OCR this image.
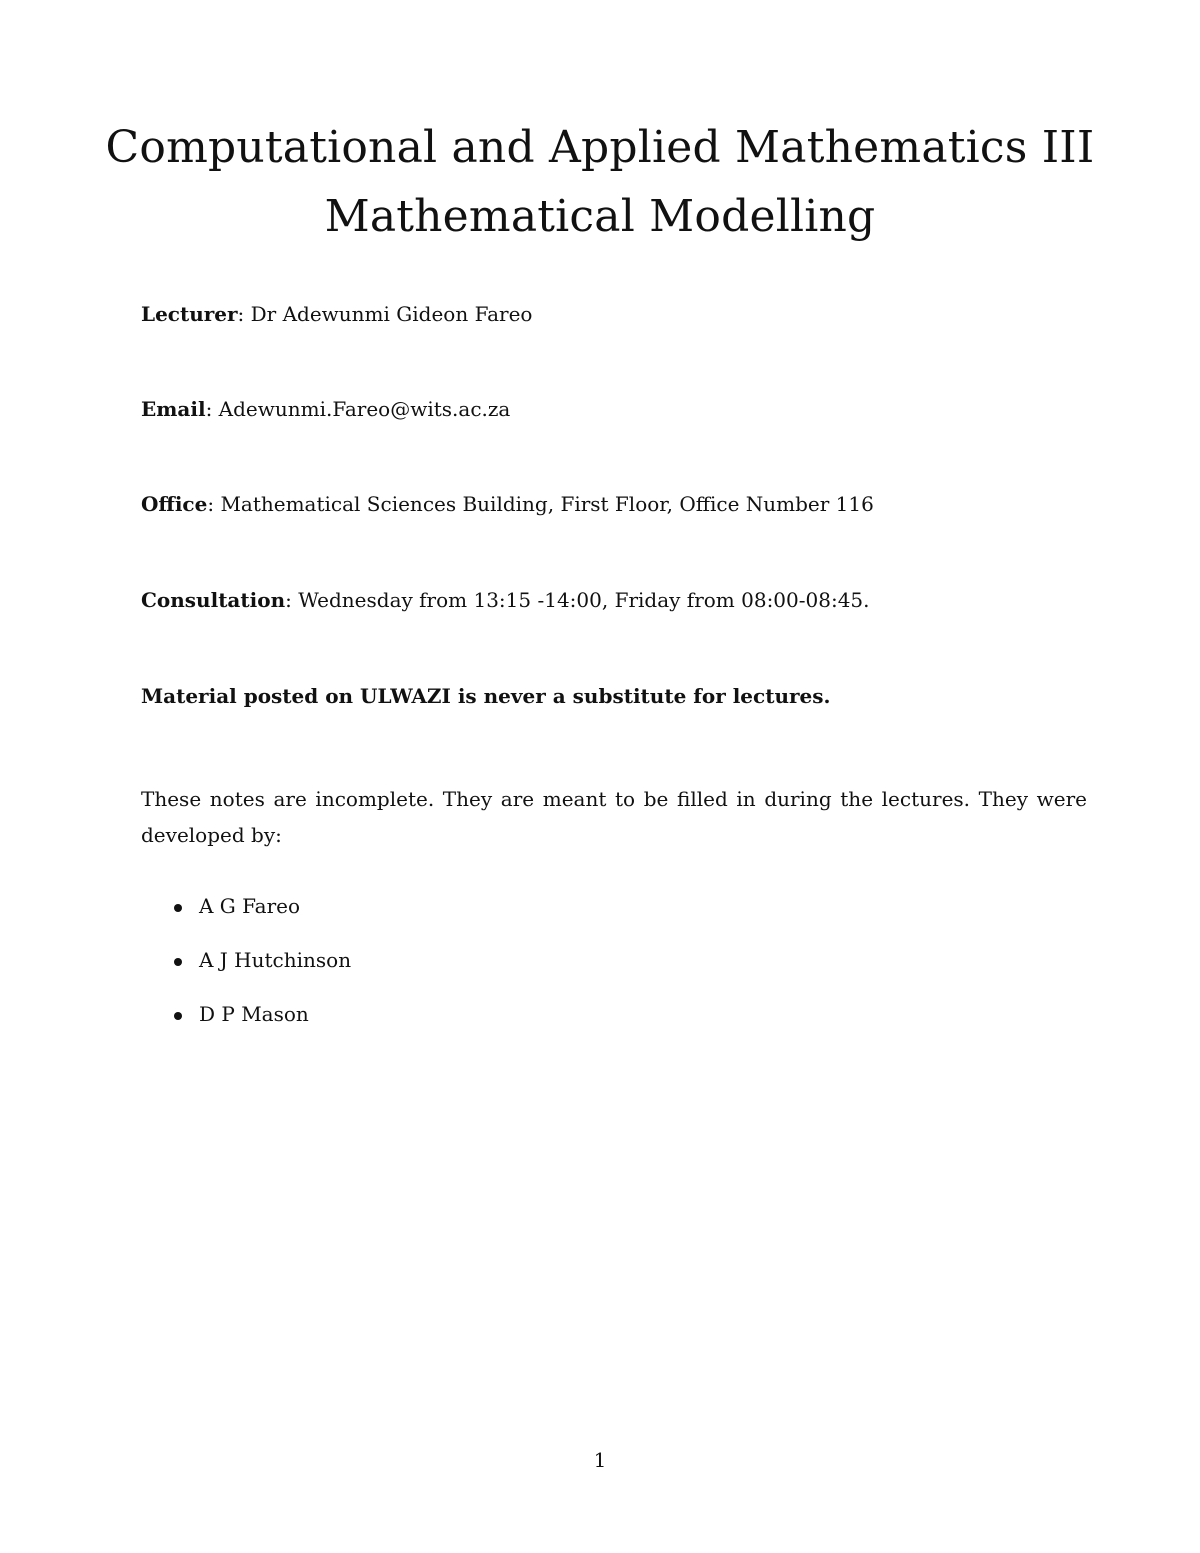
Computational and Applied Mathematics III
Mathematical Modelling
Lecturer: Dr Adewunmi Gideon Fareo
Email: Adewunmi.Fareo@wits.ac.za
Office: Mathematical Sciences Building, First Floor, Office Number 116
Consultation: Wednesday from 13:15 -14:00, Friday from 08:00-08:45.
Material posted on ULWAZI is never a substitute for lectures.

These notes are incomplete. They are meant to be filled in during the lectures. They were developed by:

A G Fareo
A J Hutchinson
D P Mason
1
